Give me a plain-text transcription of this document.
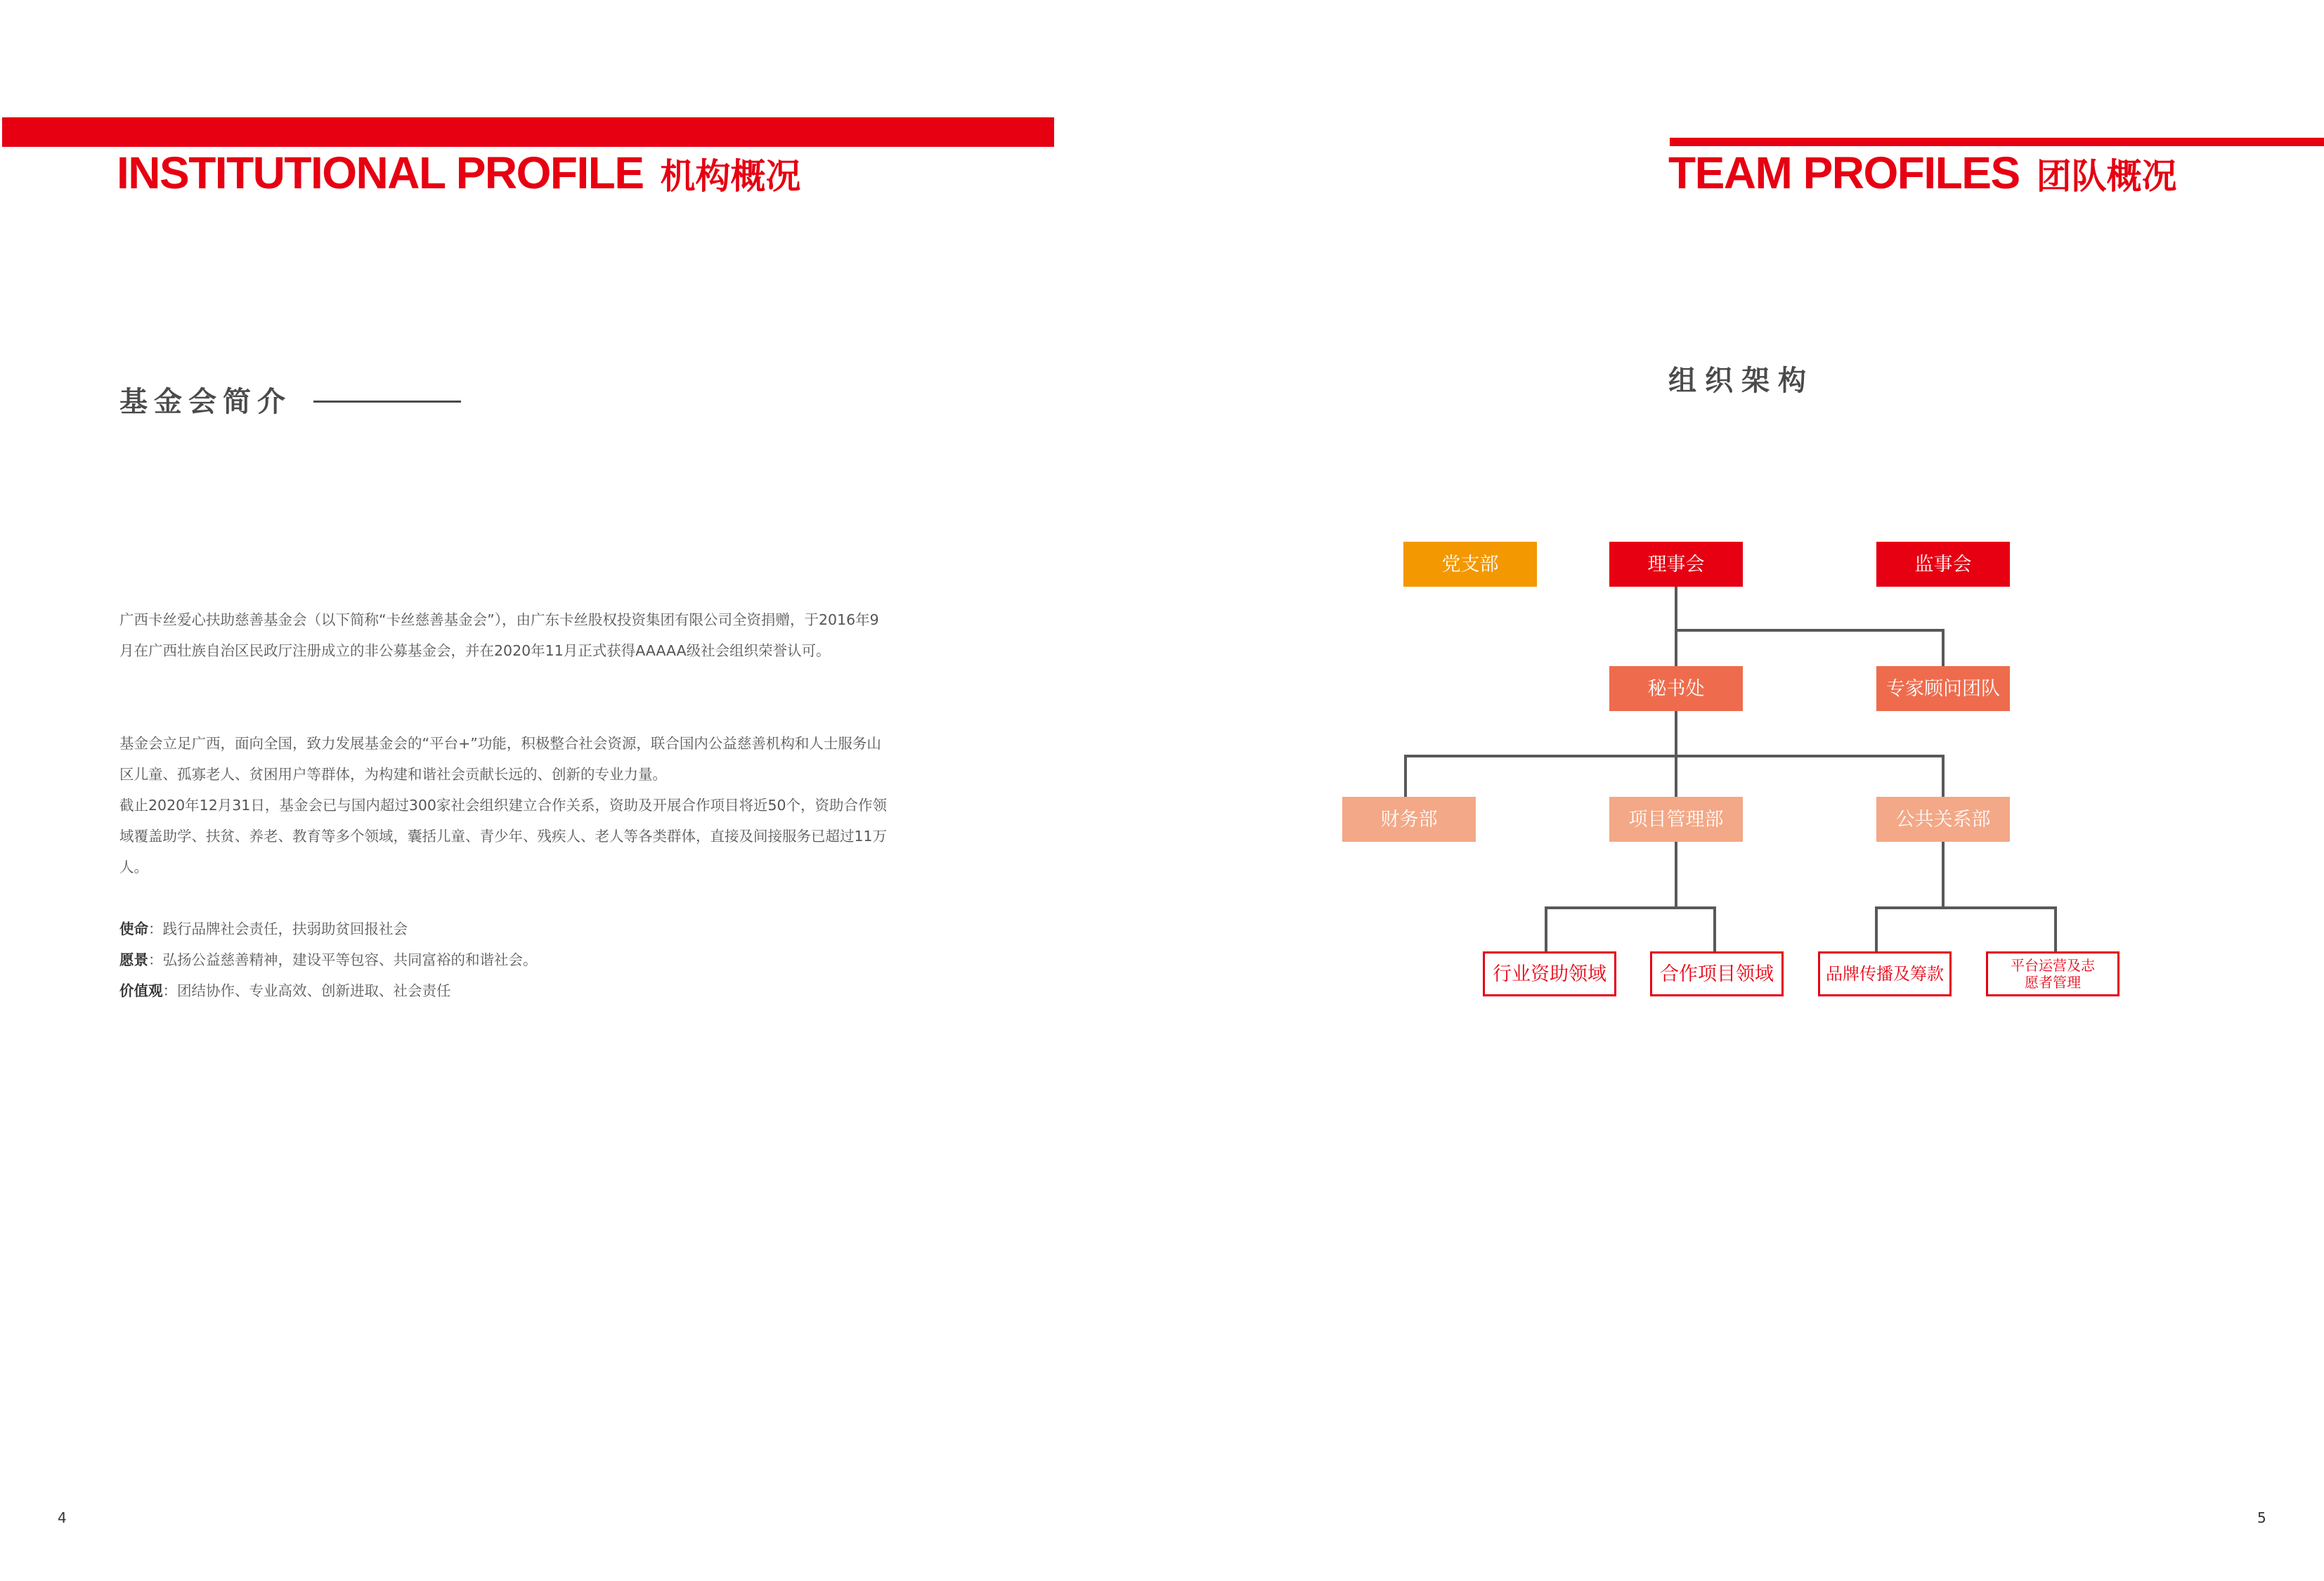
INSTITUTIONAL PROFILE 机构概况	TEAM PROFILES 团队概况
基金会简介

广西卡丝爱心扶助慈善基金会（以下简称“卡丝慈善基金会”），由广东卡丝股权投资集团有限公司全资捐赠，于2016年9月在广西壮族自治区民政厅注册成立的非公募基金会，并在2020年11月正式获得AAAAA级社会组织荣誉认可。

基金会立足广西，面向全国，致力发展基金会的“平台+”功能，积极整合社会资源，联合国内公益慈善机构和人士服务山区儿童、孤寡老人、贫困用户等群体，为构建和谐社会贡献长远的、创新的专业力量。
截止2020年12月31日，基金会已与国内超过300家社会组织建立合作关系，资助及开展合作项目将近50个，资助合作领域覆盖助学、扶贫、养老、教育等多个领域，囊括儿童、青少年、残疾人、老人等各类群体，直接及间接服务已超过11万人。
使命：践行品牌社会责任，扶弱助贫回报社会
愿景：弘扬公益慈善精神，建设平等包容、共同富裕的和谐社会。
价值观：团结协作、专业高效、创新进取、社会责任
组织架构
党支部	理事会	监事会
秘书处	专家顾问团队
财务部	项目管理部	公共关系部
行业资助领域	合作项目领域	品牌传播及筹款	平台运营及志愿者管理
4	5
